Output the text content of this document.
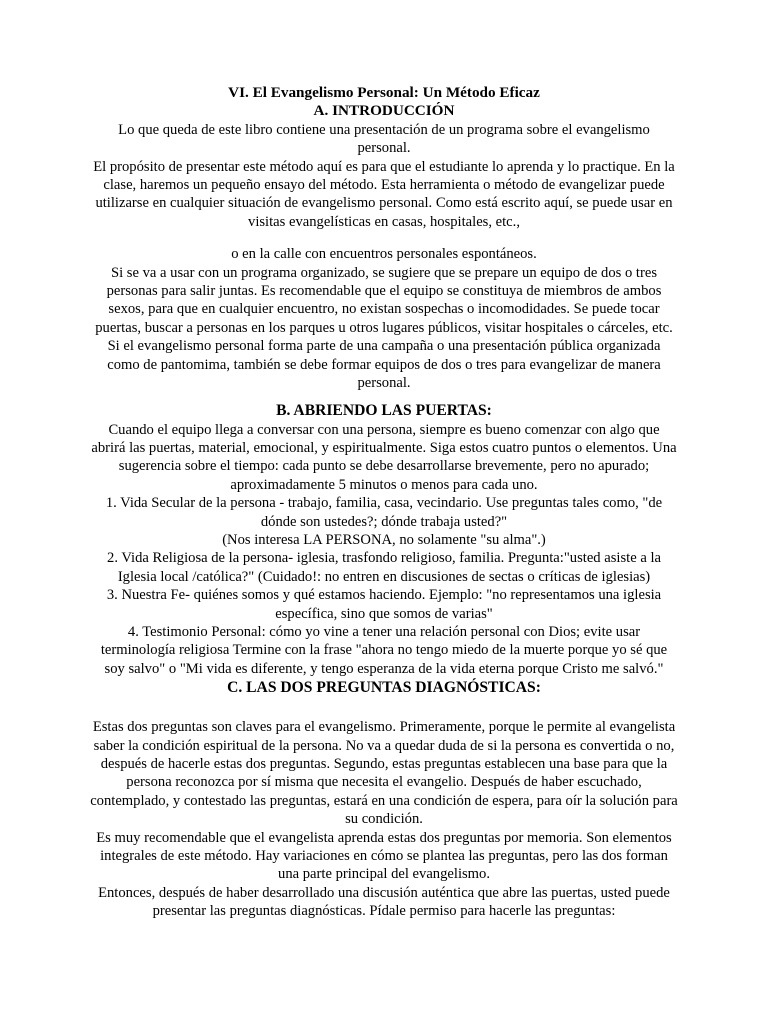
VI. El Evangelismo Personal: Un Método Eficaz
A. INTRODUCCIÓN

Lo que queda de este libro contiene una presentación de un programa sobre el evangelismo personal.

El propósito de presentar este método aquí es para que el estudiante lo aprenda y lo practique. En la clase, haremos un pequeño ensayo del método. Esta herramienta o método de evangelizar puede utilizarse en cualquier situación de evangelismo personal. Como está escrito aquí, se puede usar en visitas evangelísticas en casas, hospitales, etc.,

o en la calle con encuentros personales espontáneos.

Si se va a usar con un programa organizado, se sugiere que se prepare un equipo de dos o tres personas para salir juntas. Es recomendable que el equipo se constituya de miembros de ambos sexos, para que en cualquier encuentro, no existan sospechas o incomodidades. Se puede tocar puertas, buscar a personas en los parques u otros lugares públicos, visitar hospitales o cárceles, etc.

Si el evangelismo personal forma parte de una campaña o una presentación pública organizada como de pantomima, también se debe formar equipos de dos o tres para evangelizar de manera personal.

B. ABRIENDO LAS PUERTAS:

Cuando el equipo llega a conversar con una persona, siempre es bueno comenzar con algo que abrirá las puertas, material, emocional, y espiritualmente. Siga estos cuatro puntos o elementos. Una sugerencia sobre el tiempo: cada punto se debe desarrollarse brevemente, pero no apurado; aproximadamente 5 minutos o menos para cada uno.

1. Vida Secular de la persona - trabajo, familia, casa, vecindario. Use preguntas tales como, "de dónde son ustedes?; dónde trabaja usted?"

(Nos interesa LA PERSONA, no solamente "su alma".)

2. Vida Religiosa de la persona- iglesia, trasfondo religioso, familia. Pregunta:"usted asiste a la Iglesia local /católica?" (Cuidado!: no entren en discusiones de sectas o críticas de iglesias)

3. Nuestra Fe- quiénes somos y qué estamos haciendo. Ejemplo: "no representamos una iglesia específica, sino que somos de varias"

4. Testimonio Personal: cómo yo vine a tener una relación personal con Dios; evite usar terminología religiosa Termine con la frase "ahora no tengo miedo de la muerte porque yo sé que soy salvo" o "Mi vida es diferente, y tengo esperanza de la vida eterna porque Cristo me salvó."

C. LAS DOS PREGUNTAS DIAGNÓSTICAS:

Estas dos preguntas son claves para el evangelismo. Primeramente, porque le permite al evangelista saber la condición espiritual de la persona. No va a quedar duda de si la persona es convertida o no, después de hacerle estas dos preguntas. Segundo, estas preguntas establecen una base para que la persona reconozca por sí misma que necesita el evangelio. Después de haber escuchado, contemplado, y contestado las preguntas, estará en una condición de espera, para oír la solución para su condición.

Es muy recomendable que el evangelista aprenda estas dos preguntas por memoria. Son elementos integrales de este método. Hay variaciones en cómo se plantea las preguntas, pero las dos forman una parte principal del evangelismo.

Entonces, después de haber desarrollado una discusión auténtica que abre las puertas, usted puede presentar las preguntas diagnósticas. Pídale permiso para hacerle las preguntas:
